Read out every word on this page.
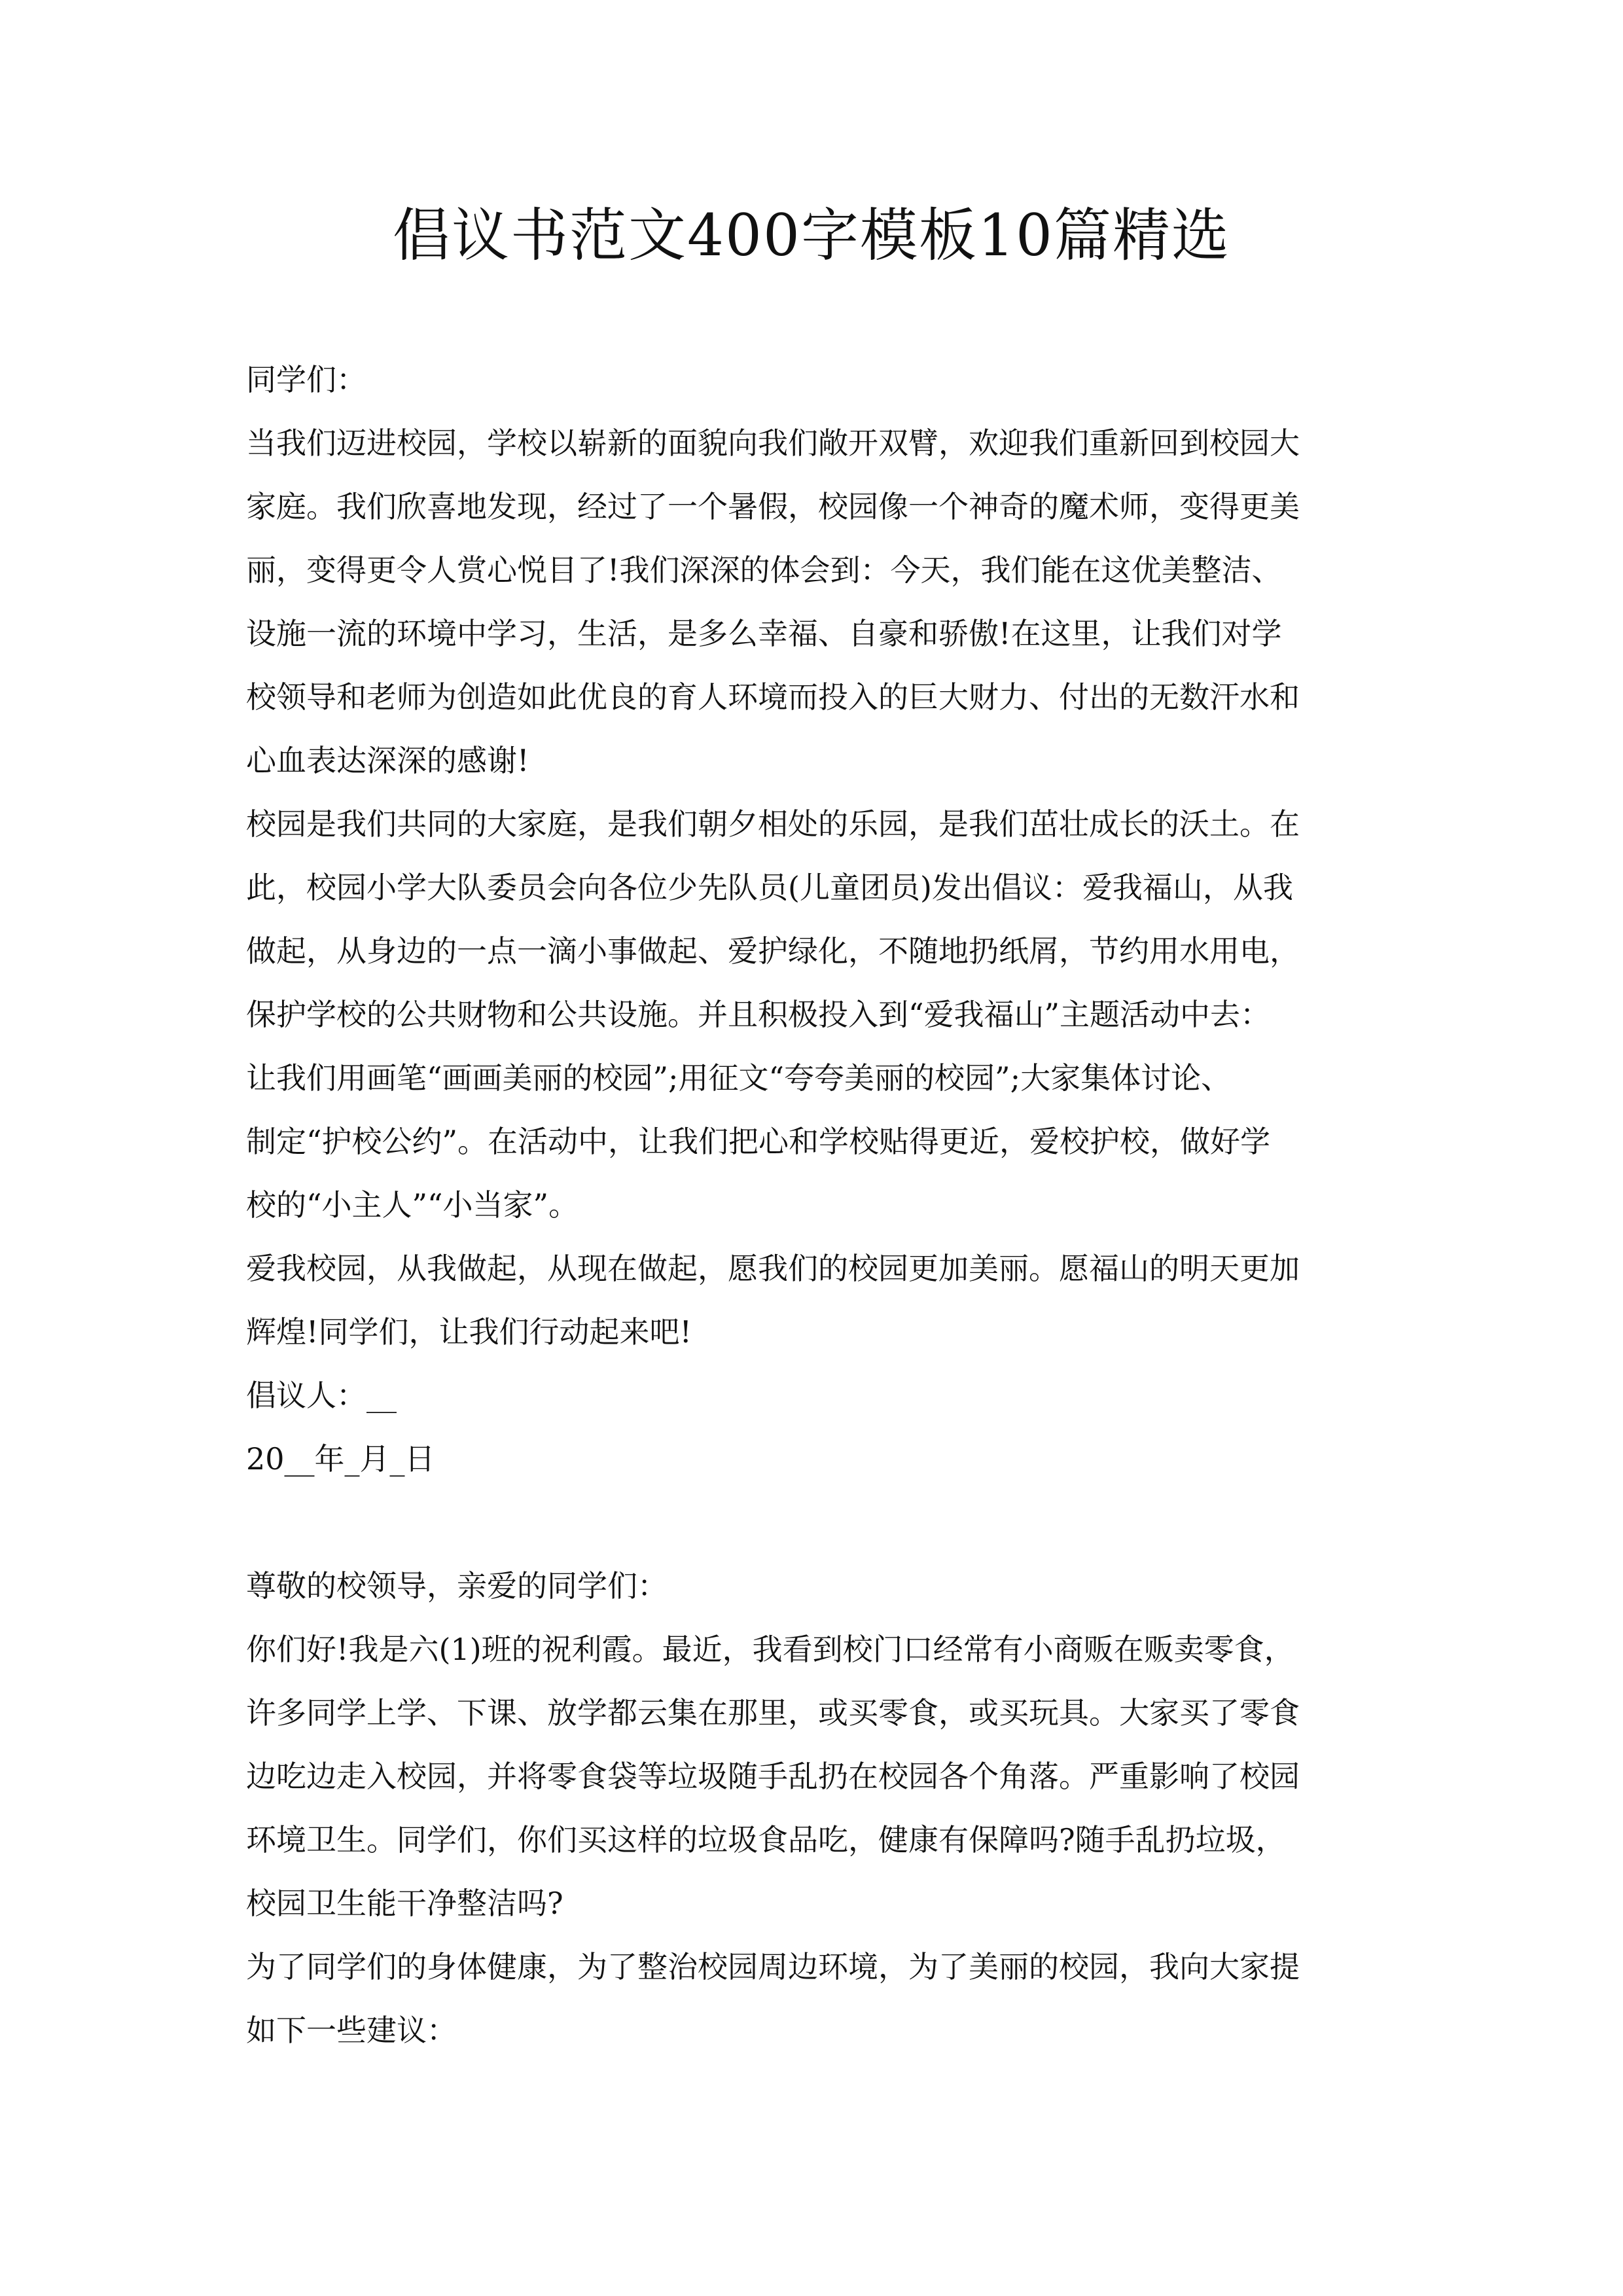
倡议书范文400字模板10篇精选
同学们：
当我们迈进校园，学校以崭新的面貌向我们敞开双臂，欢迎我们重新回到校园大
家庭。我们欣喜地发现，经过了一个暑假，校园像一个神奇的魔术师，变得更美
丽，变得更令人赏心悦目了!我们深深的体会到：今天，我们能在这优美整洁、
设施一流的环境中学习，生活，是多么幸福、自豪和骄傲!在这里，让我们对学
校领导和老师为创造如此优良的育人环境而投入的巨大财力、付出的无数汗水和
心血表达深深的感谢!
校园是我们共同的大家庭，是我们朝夕相处的乐园，是我们茁壮成长的沃土。在
此，校园小学大队委员会向各位少先队员(儿童团员)发出倡议：爱我福山，从我
做起，从身边的一点一滴小事做起、爱护绿化，不随地扔纸屑，节约用水用电，
保护学校的公共财物和公共设施。并且积极投入到“爱我福山”主题活动中去：
让我们用画笔“画画美丽的校园”;用征文“夸夸美丽的校园”;大家集体讨论、
制定“护校公约”。在活动中，让我们把心和学校贴得更近，爱校护校，做好学
校的“小主人”“小当家”。
爱我校园，从我做起，从现在做起，愿我们的校园更加美丽。愿福山的明天更加
辉煌!同学们，让我们行动起来吧!
倡议人：__
20__年_月_日
尊敬的校领导，亲爱的同学们：
你们好!我是六(1)班的祝利霞。最近，我看到校门口经常有小商贩在贩卖零食，
许多同学上学、下课、放学都云集在那里，或买零食，或买玩具。大家买了零食
边吃边走入校园，并将零食袋等垃圾随手乱扔在校园各个角落。严重影响了校园
环境卫生。同学们，你们买这样的垃圾食品吃，健康有保障吗?随手乱扔垃圾，
校园卫生能干净整洁吗?
为了同学们的身体健康，为了整治校园周边环境，为了美丽的校园，我向大家提
如下一些建议：
